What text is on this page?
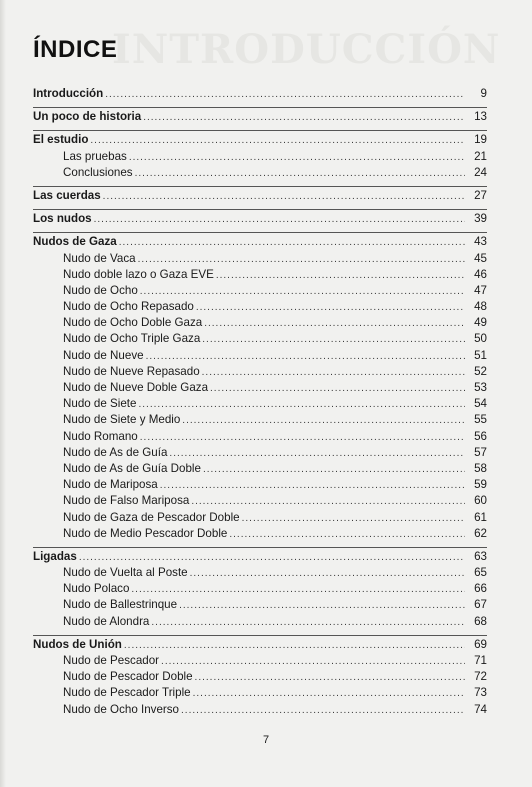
INTRODUCCIÓN
ÍNDICE
Introducción .....	9
Un poco de historia .....	13
El estudio .....	19
Las pruebas .....	21
Conclusiones .....	24
Las cuerdas .....	27
Los nudos .....	39
Nudos de Gaza .....	43
Nudo de Vaca .....	45
Nudo doble lazo o Gaza EVE .....	46
Nudo de Ocho .....	47
Nudo de Ocho Repasado .....	48
Nudo de Ocho Doble Gaza .....	49
Nudo de Ocho Triple Gaza .....	50
Nudo de Nueve .....	51
Nudo de Nueve Repasado .....	52
Nudo de Nueve Doble Gaza .....	53
Nudo de Siete .....	54
Nudo de Siete y Medio .....	55
Nudo Romano .....	56
Nudo de As de Guía .....	57
Nudo de As de Guía Doble .....	58
Nudo de Mariposa .....	59
Nudo de Falso Mariposa .....	60
Nudo de Gaza de Pescador Doble .....	61
Nudo de Medio Pescador Doble .....	62
Ligadas .....	63
Nudo de Vuelta al Poste .....	65
Nudo Polaco .....	66
Nudo de Ballestrinque .....	67
Nudo de Alondra .....	68
Nudos de Unión .....	69
Nudo de Pescador .....	71
Nudo de Pescador Doble .....	72
Nudo de Pescador Triple .....	73
Nudo de Ocho Inverso .....	74
7
